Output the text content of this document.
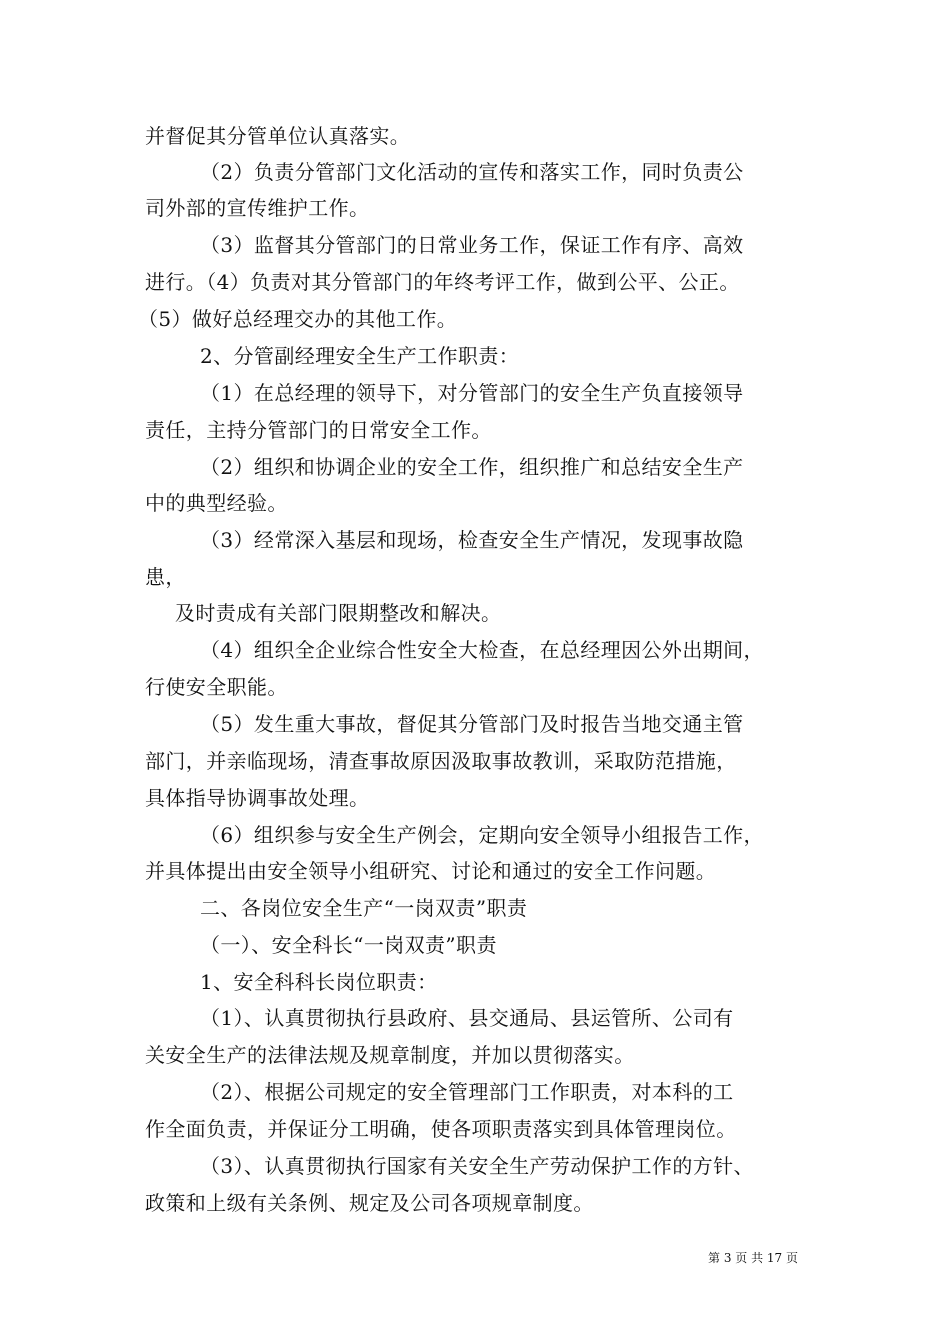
并督促其分管单位认真落实。
（2）负责分管部门文化活动的宣传和落实工作，同时负责公
司外部的宣传维护工作。
（3）监督其分管部门的日常业务工作，保证工作有序、高效
进行。（4）负责对其分管部门的年终考评工作，做到公平、公正。
（5）做好总经理交办的其他工作。
2、分管副经理安全生产工作职责：
（1）在总经理的领导下，对分管部门的安全生产负直接领导
责任，主持分管部门的日常安全工作。
（2）组织和协调企业的安全工作，组织推广和总结安全生产
中的典型经验。
（3）经常深入基层和现场，检查安全生产情况，发现事故隐
患，
及时责成有关部门限期整改和解决。
（4）组织全企业综合性安全大检查，在总经理因公外出期间，
行使安全职能。
（5）发生重大事故，督促其分管部门及时报告当地交通主管
部门，并亲临现场，清查事故原因汲取事故教训，采取防范措施，
具体指导协调事故处理。
（6）组织参与安全生产例会，定期向安全领导小组报告工作，
并具体提出由安全领导小组研究、讨论和通过的安全工作问题。
二、各岗位安全生产“一岗双责”职责
（一）、安全科长“一岗双责”职责
1、安全科科长岗位职责：
（1）、认真贯彻执行县政府、县交通局、县运管所、公司有
关安全生产的法律法规及规章制度，并加以贯彻落实。
（2）、根据公司规定的安全管理部门工作职责，对本科的工
作全面负责，并保证分工明确，使各项职责落实到具体管理岗位。
（3）、认真贯彻执行国家有关安全生产劳动保护工作的方针、
政策和上级有关条例、规定及公司各项规章制度。
第 3 页 共 17 页
